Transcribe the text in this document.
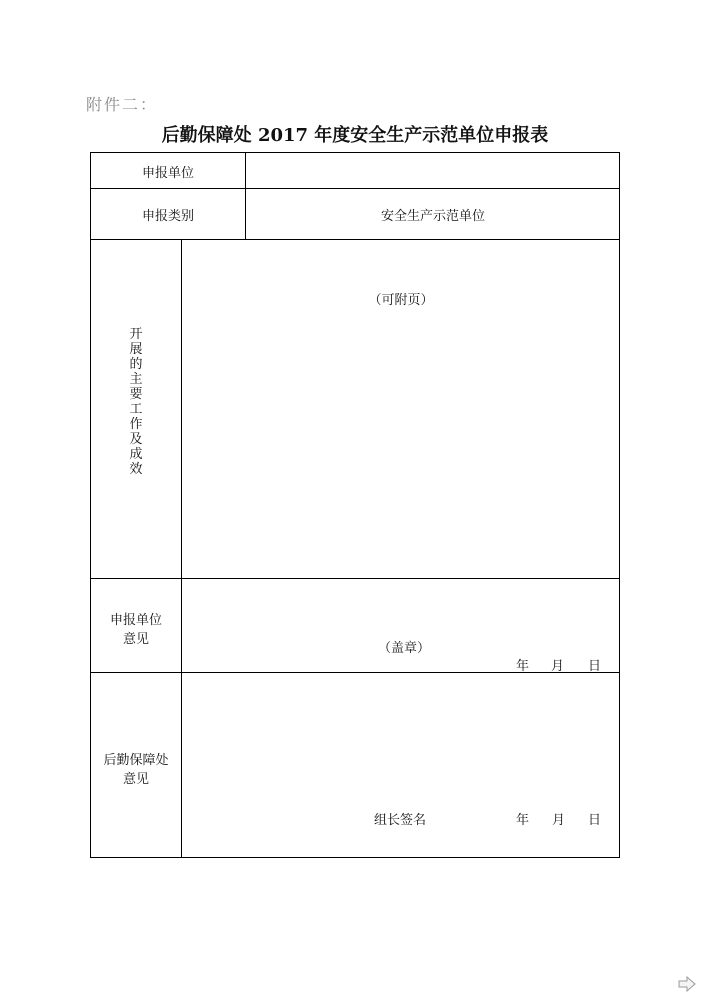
附件二：
后勤保障处 2017 年度安全生产示范单位申报表
申报单位
申报类别	安全生产示范单位
开展的主要工作及成效
（可附页）
申报单位
意见
（盖章）
年 月 日
后勤保障处
意见
组长签名	年 月 日
